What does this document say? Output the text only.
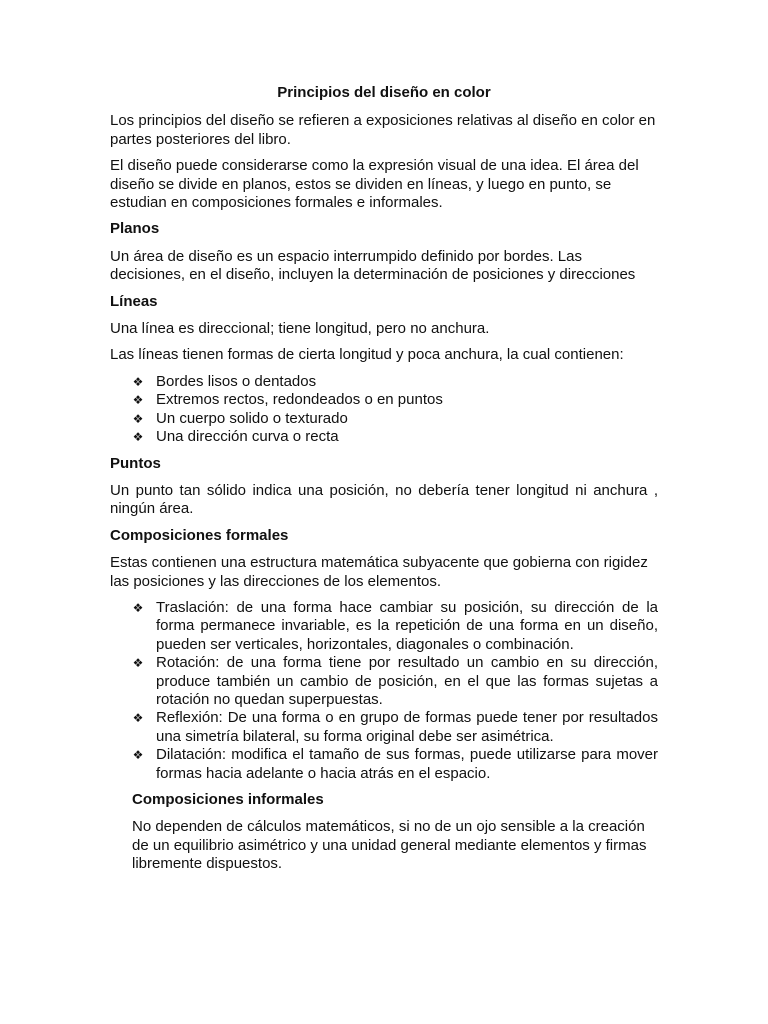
Principios del diseño en color

Los principios del diseño se refieren a exposiciones relativas al diseño en color en partes posteriores del libro.

El diseño puede considerarse como la expresión visual de una idea. El área del diseño se divide en planos, estos se dividen en líneas, y luego en punto, se estudian en composiciones formales e informales.

Planos

Un área de diseño es un espacio interrumpido definido por bordes. Las decisiones, en el diseño, incluyen la determinación de posiciones y direcciones

Líneas

Una línea es direccional; tiene longitud, pero no anchura.

Las líneas tienen formas de cierta longitud y poca anchura, la cual contienen:

❖ Bordes lisos o dentados
❖ Extremos rectos, redondeados o en puntos
❖ Un cuerpo solido o texturado
❖ Una dirección curva o recta
Puntos

Un punto tan sólido indica una posición, no debería tener longitud ni anchura , ningún área.

Composiciones formales

Estas contienen una estructura matemática subyacente que gobierna con rigidez las posiciones y las direcciones de los elementos.

❖ Traslación: de una forma hace cambiar su posición, su dirección de la forma permanece invariable, es la repetición de una forma en un diseño, pueden ser verticales, horizontales, diagonales o combinación.
❖ Rotación: de una forma tiene por resultado un cambio en su dirección, produce también un cambio de posición, en el que las formas sujetas a rotación no quedan superpuestas.
❖ Reflexión: De una forma o en grupo de formas puede tener por resultados una simetría bilateral, su forma original debe ser asimétrica.
❖ Dilatación: modifica el tamaño de sus formas, puede utilizarse para mover formas hacia adelante o hacia atrás en el espacio.
Composiciones informales

No dependen de cálculos matemáticos, si no de un ojo sensible a la creación de un equilibrio asimétrico y una unidad general mediante elementos y firmas libremente dispuestos.
